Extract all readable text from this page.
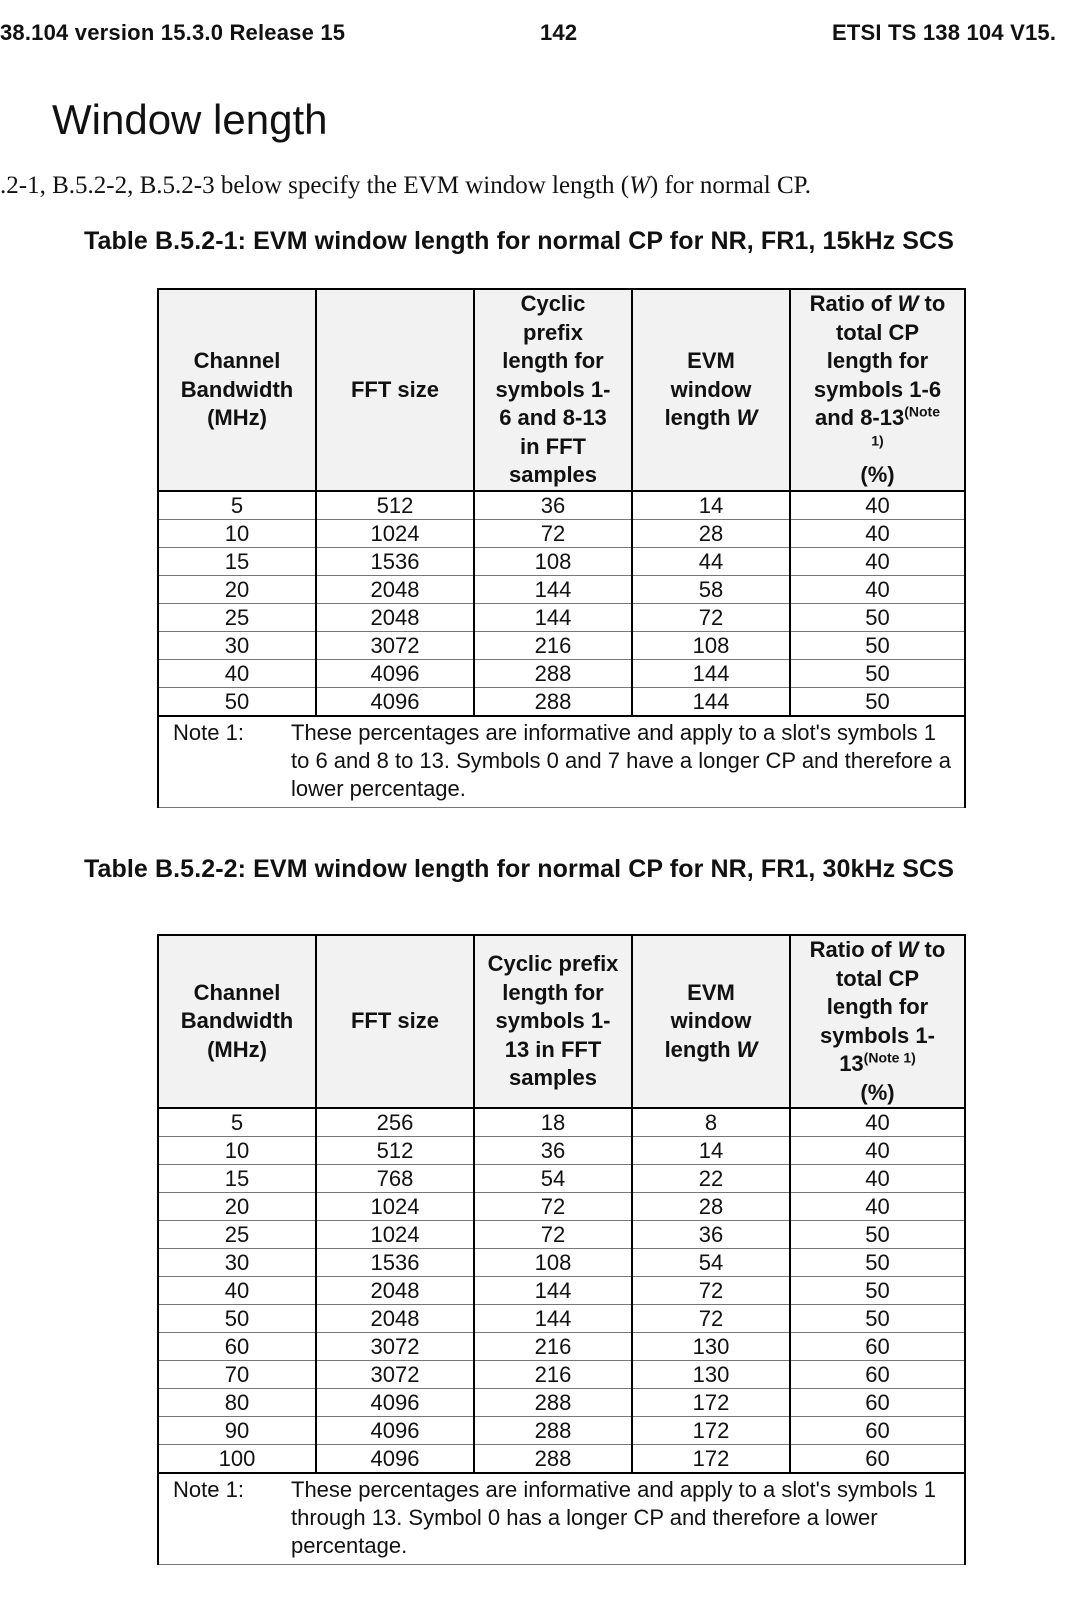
38.104 version 15.3.0 Release 15	142	ETSI TS 138 104 V15.
Window length
.2-1, B.5.2-2, B.5.2-3 below specify the EVM window length (W) for normal CP.
Table B.5.2-1: EVM window length for normal CP for NR, FR1, 15kHz SCS
Channel Bandwidth (MHz)	FFT size	Cyclic prefix length for symbols 1-6 and 8-13 in FFT samples	EVM window length W	Ratio of W to total CP length for symbols 1-6 and $8-13^{(Note 1)}$
(%)

5	512	36	14	40
10	1024	72	28	40
15	1536	108	44	40
20	2048	144	58	40
25	2048	144	72	50
30	3072	216	108	50
40	4096	288	144	50
50	4096	288	144	50

Note 1: These percentages are informative and apply to a slot's symbols 1 to 6 and 8 to 13. Symbols 0 and 7 have a longer CP and therefore a lower percentage.				
Table B.5.2-2: EVM window length for normal CP for NR, FR1, 30kHz SCS
Channel Bandwidth (MHz)	FFT size	Cyclic prefix length for symbols 1-13 in FFT samples	EVM window length W	Ratio of W to total CP length for symbols $1-13^{(Note 1)}$
(%)

5	256	18	8	40
10	512	36	14	40
15	768	54	22	40
20	1024	72	28	40
25	1024	72	36	50
30	1536	108	54	50
40	2048	144	72	50
50	2048	144	72	50
60	3072	216	130	60
70	3072	216	130	60
80	4096	288	172	60
90	4096	288	172	60
100	4096	288	172	60

Note 1: These percentages are informative and apply to a slot's symbols 1 through 13. Symbol 0 has a longer CP and therefore a lower percentage.				
